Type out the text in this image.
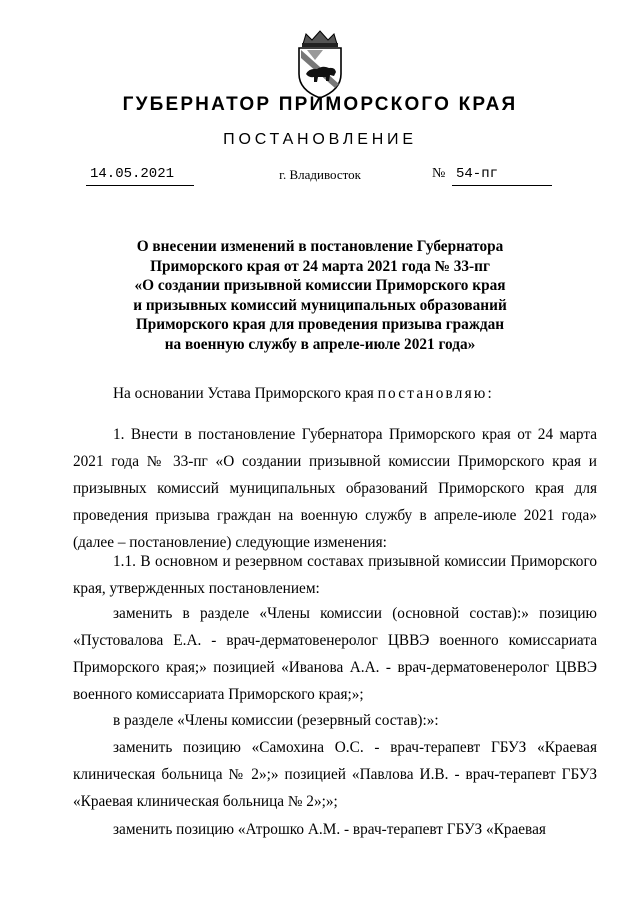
ГУБЕРНАТОР ПРИМОРСКОГО КРАЯ
ПОСТАНОВЛЕНИЕ
14.05.2021	г. Владивосток	№ 54-пг
О внесении изменений в постановление Губернатора
Приморского края от 24 марта 2021 года № 33-пг
«О создании призывной комиссии Приморского края
и призывных комиссий муниципальных образований
Приморского края для проведения призыва граждан
на военную службу в апреле-июле 2021 года»

На основании Устава Приморского края постановляю:

1. Внести в постановление Губернатора Приморского края от 24 марта 2021 года № 33-пг «О создании призывной комиссии Приморского края и призывных комиссий муниципальных образований Приморского края для проведения призыва граждан на военную службу в апреле-июле 2021 года» (далее – постановление) следующие изменения:

1.1. В основном и резервном составах призывной комиссии Приморского края, утвержденных постановлением:

заменить в разделе «Члены комиссии (основной состав):» позицию «Пустовалова Е.А. - врач-дерматовенеролог ЦВВЭ военного комиссариата Приморского края;» позицией «Иванова А.А. - врач-дерматовенеролог ЦВВЭ военного комиссариата Приморского края;»;

в разделе «Члены комиссии (резервный состав):»:

заменить позицию «Самохина О.С. - врач-терапевт ГБУЗ «Краевая клиническая больница № 2»;» позицией «Павлова И.В. - врач-терапевт ГБУЗ «Краевая клиническая больница № 2»;»;

заменить позицию «Атрошко А.М. - врач-терапевт ГБУЗ «Краевая
